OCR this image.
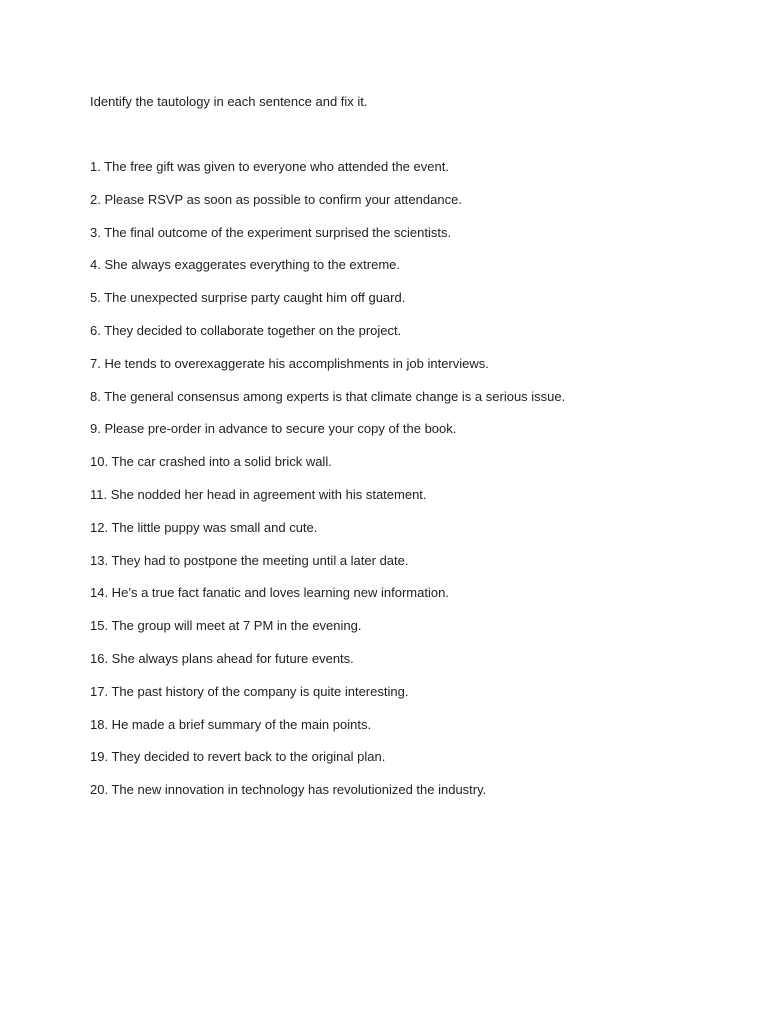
Identify the tautology in each sentence and fix it.
1. The free gift was given to everyone who attended the event.
2. Please RSVP as soon as possible to confirm your attendance.
3. The final outcome of the experiment surprised the scientists.
4. She always exaggerates everything to the extreme.
5. The unexpected surprise party caught him off guard.
6. They decided to collaborate together on the project.
7. He tends to overexaggerate his accomplishments in job interviews.
8. The general consensus among experts is that climate change is a serious issue.
9. Please pre-order in advance to secure your copy of the book.
10. The car crashed into a solid brick wall.
11. She nodded her head in agreement with his statement.
12. The little puppy was small and cute.
13. They had to postpone the meeting until a later date.
14. He’s a true fact fanatic and loves learning new information.
15. The group will meet at 7 PM in the evening.
16. She always plans ahead for future events.
17. The past history of the company is quite interesting.
18. He made a brief summary of the main points.
19. They decided to revert back to the original plan.
20. The new innovation in technology has revolutionized the industry.
